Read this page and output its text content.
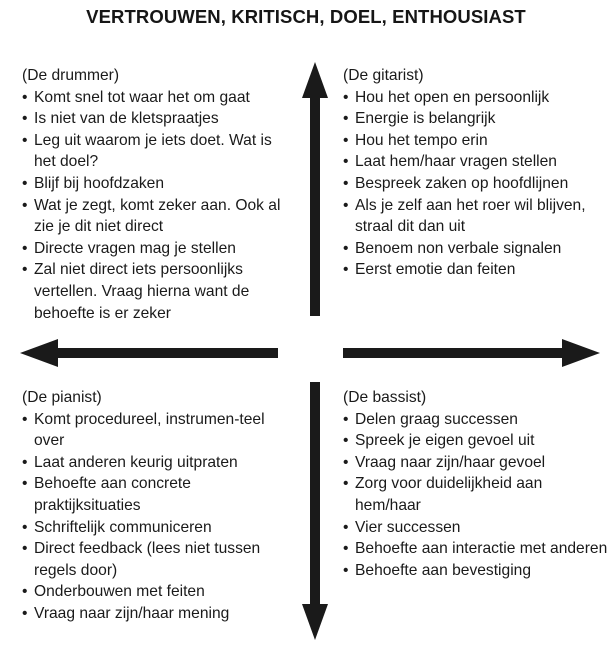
VERTROUWEN, KRITISCH, DOEL, ENTHOUSIAST
(De drummer)
• Komt snel tot waar het om gaat
• Is niet van de kletspraatjes
• Leg uit waarom je iets doet. Wat is het doel?
• Blijf bij hoofdzaken
• Wat je zegt, komt zeker aan. Ook al zie je dit niet direct
• Directe vragen mag je stellen
• Zal niet direct iets persoonlijks vertellen. Vraag hierna want de behoefte is er zeker
(De gitarist)
• Hou het open en persoonlijk
• Energie is belangrijk
• Hou het tempo erin
• Laat hem/haar vragen stellen
• Bespreek zaken op hoofdlijnen
• Als je zelf aan het roer wil blijven, straal dit dan uit
• Benoem non verbale signalen
• Eerst emotie dan feiten
(De pianist)
• Komt procedureel, instrumen-teel over
• Laat anderen keurig uitpraten
• Behoefte aan concrete praktijksituaties
• Schriftelijk communiceren
• Direct feedback (lees niet tussen regels door)
• Onderbouwen met feiten
• Vraag naar zijn/haar mening
(De bassist)
• Delen graag successen
• Spreek je eigen gevoel uit
• Vraag naar zijn/haar gevoel
• Zorg voor duidelijkheid aan hem/haar
• Vier successen
• Behoefte aan interactie met anderen
• Behoefte aan bevestiging
